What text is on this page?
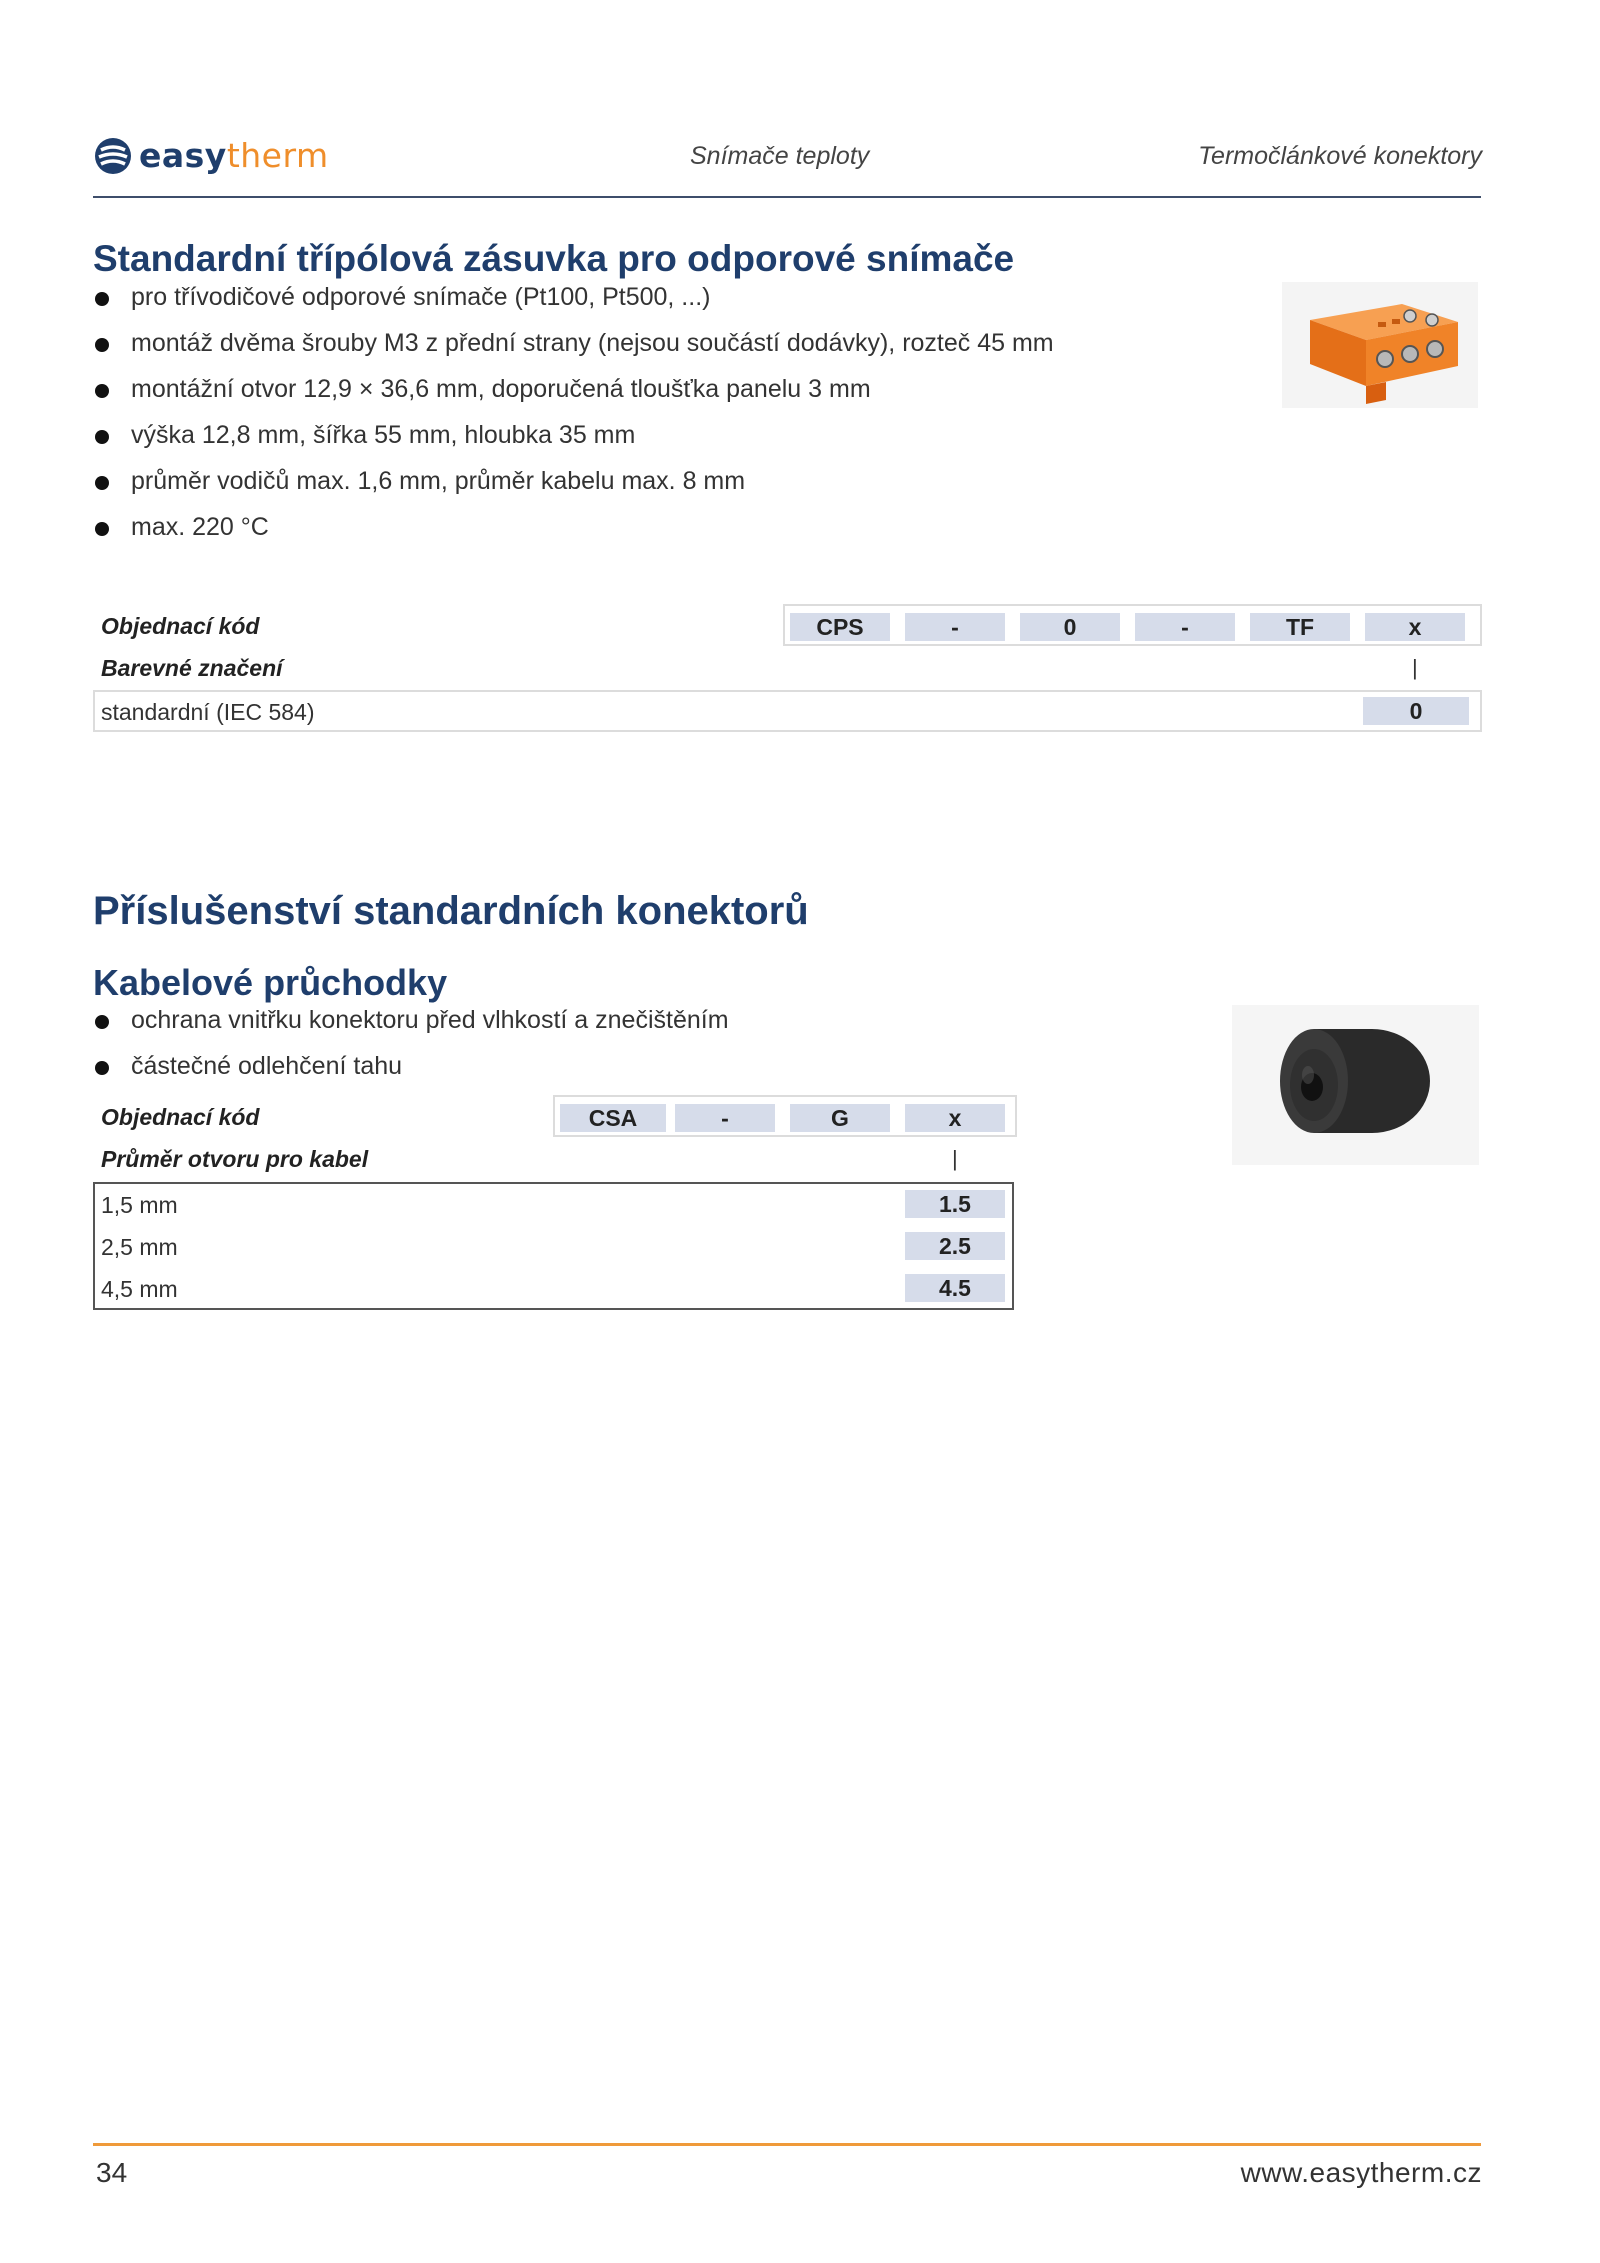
easytherm	Snímače teploty	Termočlánkové konektory
Standardní třípólová zásuvka pro odporové snímače
pro třívodičové odporové snímače (Pt100, Pt500, ...)
montáž dvěma šrouby M3 z přední strany (nejsou součástí dodávky), rozteč 45 mm
montážní otvor 12,9 × 36,6 mm, doporučená tloušťka panelu 3 mm
výška 12,8 mm, šířka 55 mm, hloubka 35 mm
průměr vodičů max. 1,6 mm, průměr kabelu max. 8 mm
max. 220 °C
Objednací kód	CPS	-	0	-	TF	x
Barevné značení	|
standardní (IEC 584)	0
Příslušenství standardních konektorů
Kabelové průchodky
ochrana vnitřku konektoru před vlhkostí a znečištěním
částečné odlehčení tahu
Objednací kód	CSA	-	G	x
Průměr otvoru pro kabel	|
1,5 mm	1.5
2,5 mm	2.5
4,5 mm	4.5
34	www.easytherm.cz
